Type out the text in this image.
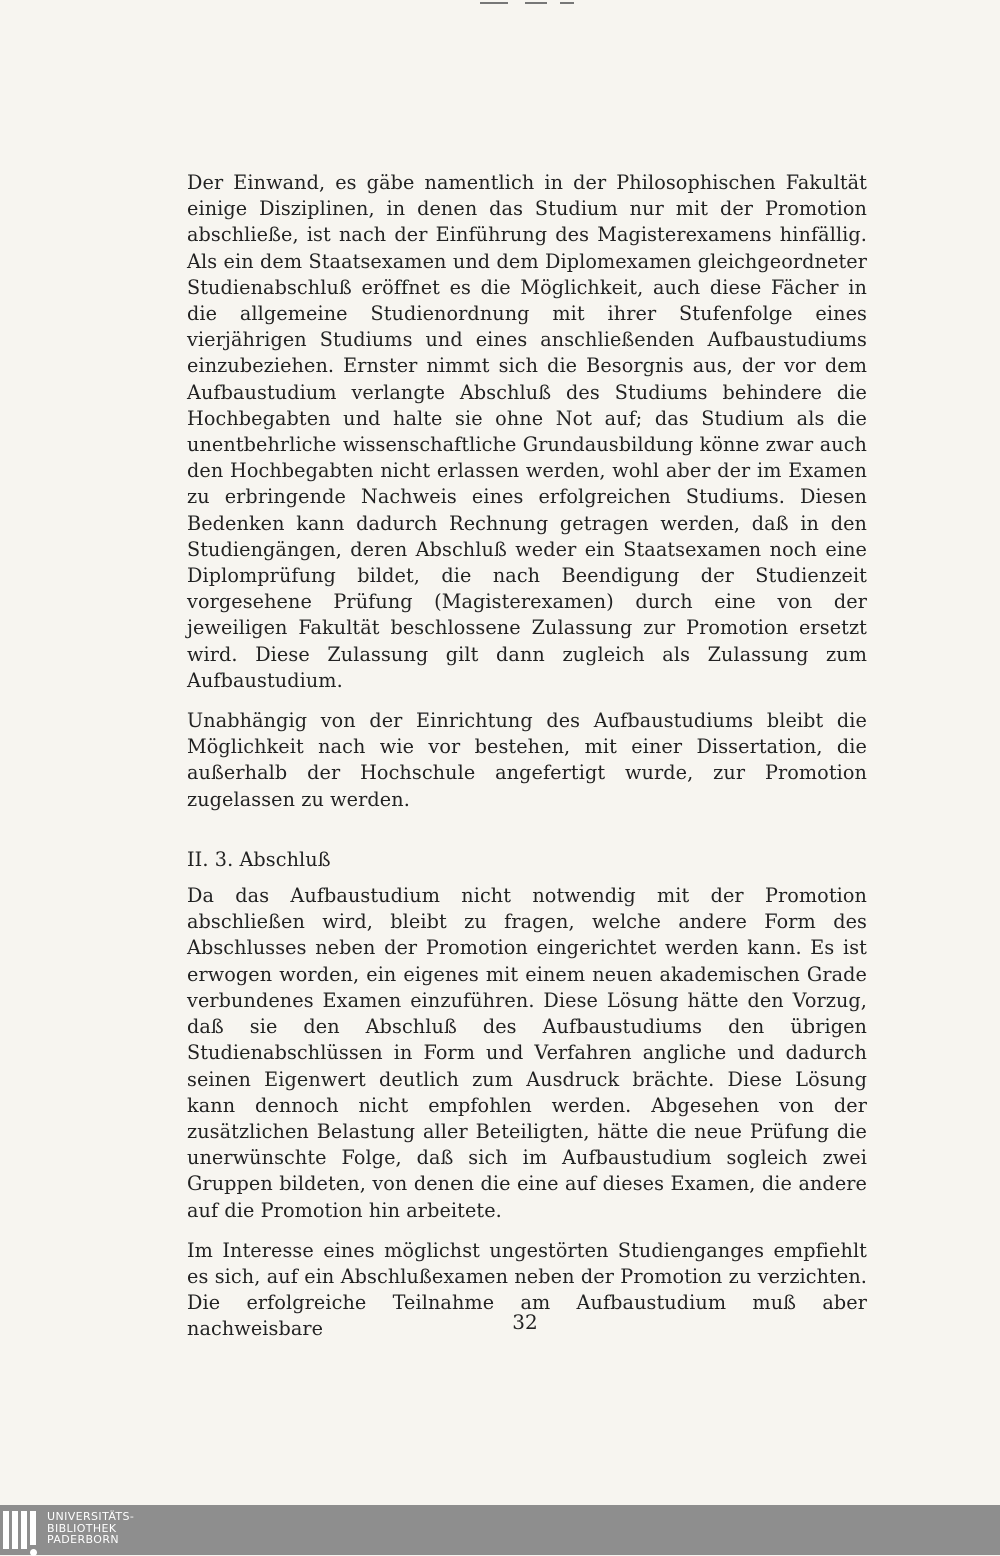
Der Einwand, es gäbe namentlich in der Philosophischen Fakultät einige Disziplinen, in denen das Studium nur mit der Promotion abschließe, ist nach der Einführung des Magisterexamens hinfällig. Als ein dem Staatsexamen und dem Diplomexamen gleichgeordneter Studienabschluß eröffnet es die Möglichkeit, auch diese Fächer in die allgemeine Studienordnung mit ihrer Stufenfolge eines vierjährigen Studiums und eines anschließenden Aufbaustudiums einzubeziehen. Ernster nimmt sich die Besorgnis aus, der vor dem Aufbaustudium verlangte Abschluß des Studiums behindere die Hochbegabten und halte sie ohne Not auf; das Studium als die unentbehrliche wissenschaftliche Grundausbildung könne zwar auch den Hochbegabten nicht erlassen werden, wohl aber der im Examen zu erbringende Nachweis eines erfolgreichen Studiums. Diesen Bedenken kann dadurch Rechnung getragen werden, daß in den Studiengängen, deren Abschluß weder ein Staatsexamen noch eine Diplomprüfung bildet, die nach Beendigung der Studienzeit vorgesehene Prüfung (Magisterexamen) durch eine von der jeweiligen Fakultät beschlossene Zulassung zur Promotion ersetzt wird. Diese Zulassung gilt dann zugleich als Zulassung zum Aufbaustudium.

Unabhängig von der Einrichtung des Aufbaustudiums bleibt die Möglichkeit nach wie vor bestehen, mit einer Dissertation, die außerhalb der Hochschule angefertigt wurde, zur Promotion zugelassen zu werden.

II. 3. Abschluß

Da das Aufbaustudium nicht notwendig mit der Promotion abschließen wird, bleibt zu fragen, welche andere Form des Abschlusses neben der Promotion eingerichtet werden kann. Es ist erwogen worden, ein eigenes mit einem neuen akademischen Grade verbundenes Examen einzuführen. Diese Lösung hätte den Vorzug, daß sie den Abschluß des Aufbaustudiums den übrigen Studienabschlüssen in Form und Verfahren angliche und dadurch seinen Eigenwert deutlich zum Ausdruck brächte. Diese Lösung kann dennoch nicht empfohlen werden. Abgesehen von der zusätzlichen Belastung aller Beteiligten, hätte die neue Prüfung die unerwünschte Folge, daß sich im Aufbaustudium sogleich zwei Gruppen bildeten, von denen die eine auf dieses Examen, die andere auf die Promotion hin arbeitete.

Im Interesse eines möglichst ungestörten Studienganges empfiehlt es sich, auf ein Abschlußexamen neben der Promotion zu verzichten. Die erfolgreiche Teilnahme am Aufbaustudium muß aber nachweisbare	32
UNIVERSITÄTS-
BIBLIOTHEK
PADERBORN
